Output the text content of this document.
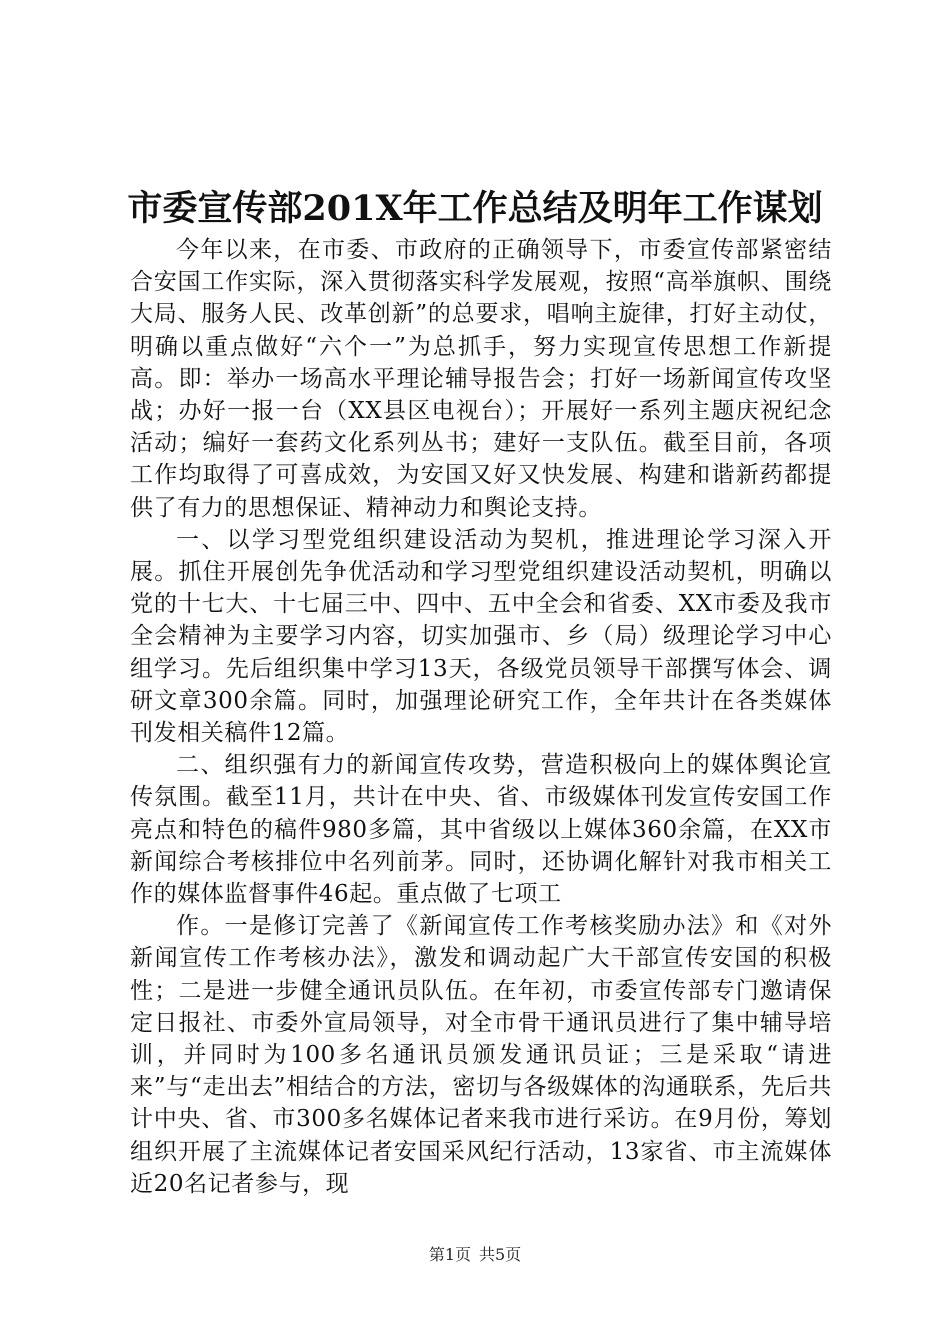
市委宣传部201X年工作总结及明年工作谋划

今年以来，在市委、市政府的正确领导下，市委宣传部紧密结合安国工作实际，深入贯彻落实科学发展观，按照“高举旗帜、围绕大局、服务人民、改革创新”的总要求，唱响主旋律，打好主动仗，明确以重点做好“六个一”为总抓手，努力实现宣传思想工作新提高。即：举办一场高水平理论辅导报告会；打好一场新闻宣传攻坚战；办好一报一台（XX县区电视台）；开展好一系列主题庆祝纪念活动；编好一套药文化系列丛书；建好一支队伍。截至目前，各项工作均取得了可喜成效，为安国又好又快发展、构建和谐新药都提供了有力的思想保证、精神动力和舆论支持。

一、以学习型党组织建设活动为契机，推进理论学习深入开展。抓住开展创先争优活动和学习型党组织建设活动契机，明确以党的十七大、十七届三中、四中、五中全会和省委、XX市委及我市全会精神为主要学习内容，切实加强市、乡（局）级理论学习中心组学习。先后组织集中学习13天，各级党员领导干部撰写体会、调研文章300余篇。同时，加强理论研究工作，全年共计在各类媒体刊发相关稿件12篇。

二、组织强有力的新闻宣传攻势，营造积极向上的媒体舆论宣传氛围。截至11月，共计在中央、省、市级媒体刊发宣传安国工作亮点和特色的稿件980多篇，其中省级以上媒体360余篇，在XX市新闻综合考核排位中名列前茅。同时，还协调化解针对我市相关工作的媒体监督事件46起。重点做了七项工

作。一是修订完善了《新闻宣传工作考核奖励办法》和《对外新闻宣传工作考核办法》，激发和调动起广大干部宣传安国的积极性；二是进一步健全通讯员队伍。在年初，市委宣传部专门邀请保定日报社、市委外宣局领导，对全市骨干通讯员进行了集中辅导培训，并同时为100多名通讯员颁发通讯员证；三是采取“请进来”与“走出去”相结合的方法，密切与各级媒体的沟通联系，先后共计中央、省、市300多名媒体记者来我市进行采访。在9月份，筹划组织开展了主流媒体记者安国采风纪行活动，13家省、市主流媒体近20名记者参与，现

第1页 共5页
